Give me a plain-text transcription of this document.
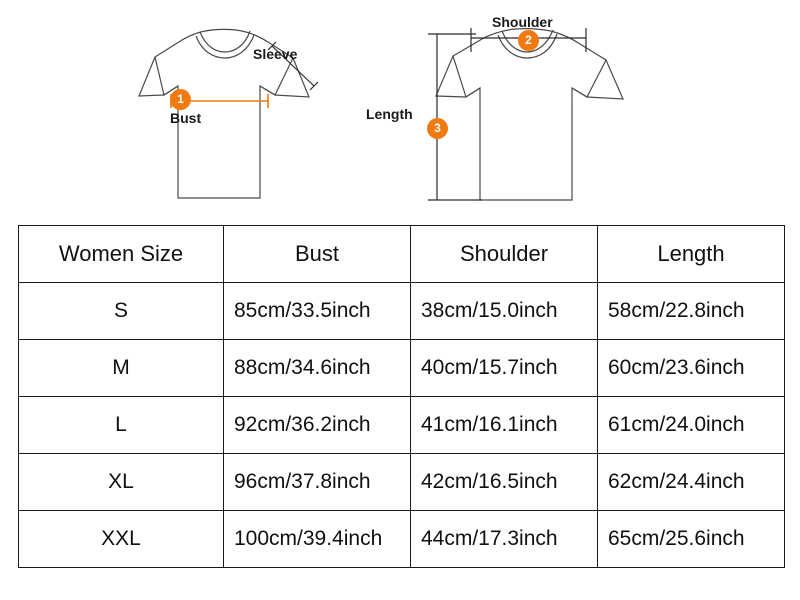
Sleeve
1
Bust
Shoulder
2
Length
3
Women Size	Bust	Shoulder	Length
S	85cm/33.5inch	38cm/15.0inch	58cm/22.8inch
M	88cm/34.6inch	40cm/15.7inch	60cm/23.6inch
L	92cm/36.2inch	41cm/16.1inch	61cm/24.0inch
XL	96cm/37.8inch	42cm/16.5inch	62cm/24.4inch
XXL	100cm/39.4inch	44cm/17.3inch	65cm/25.6inch
